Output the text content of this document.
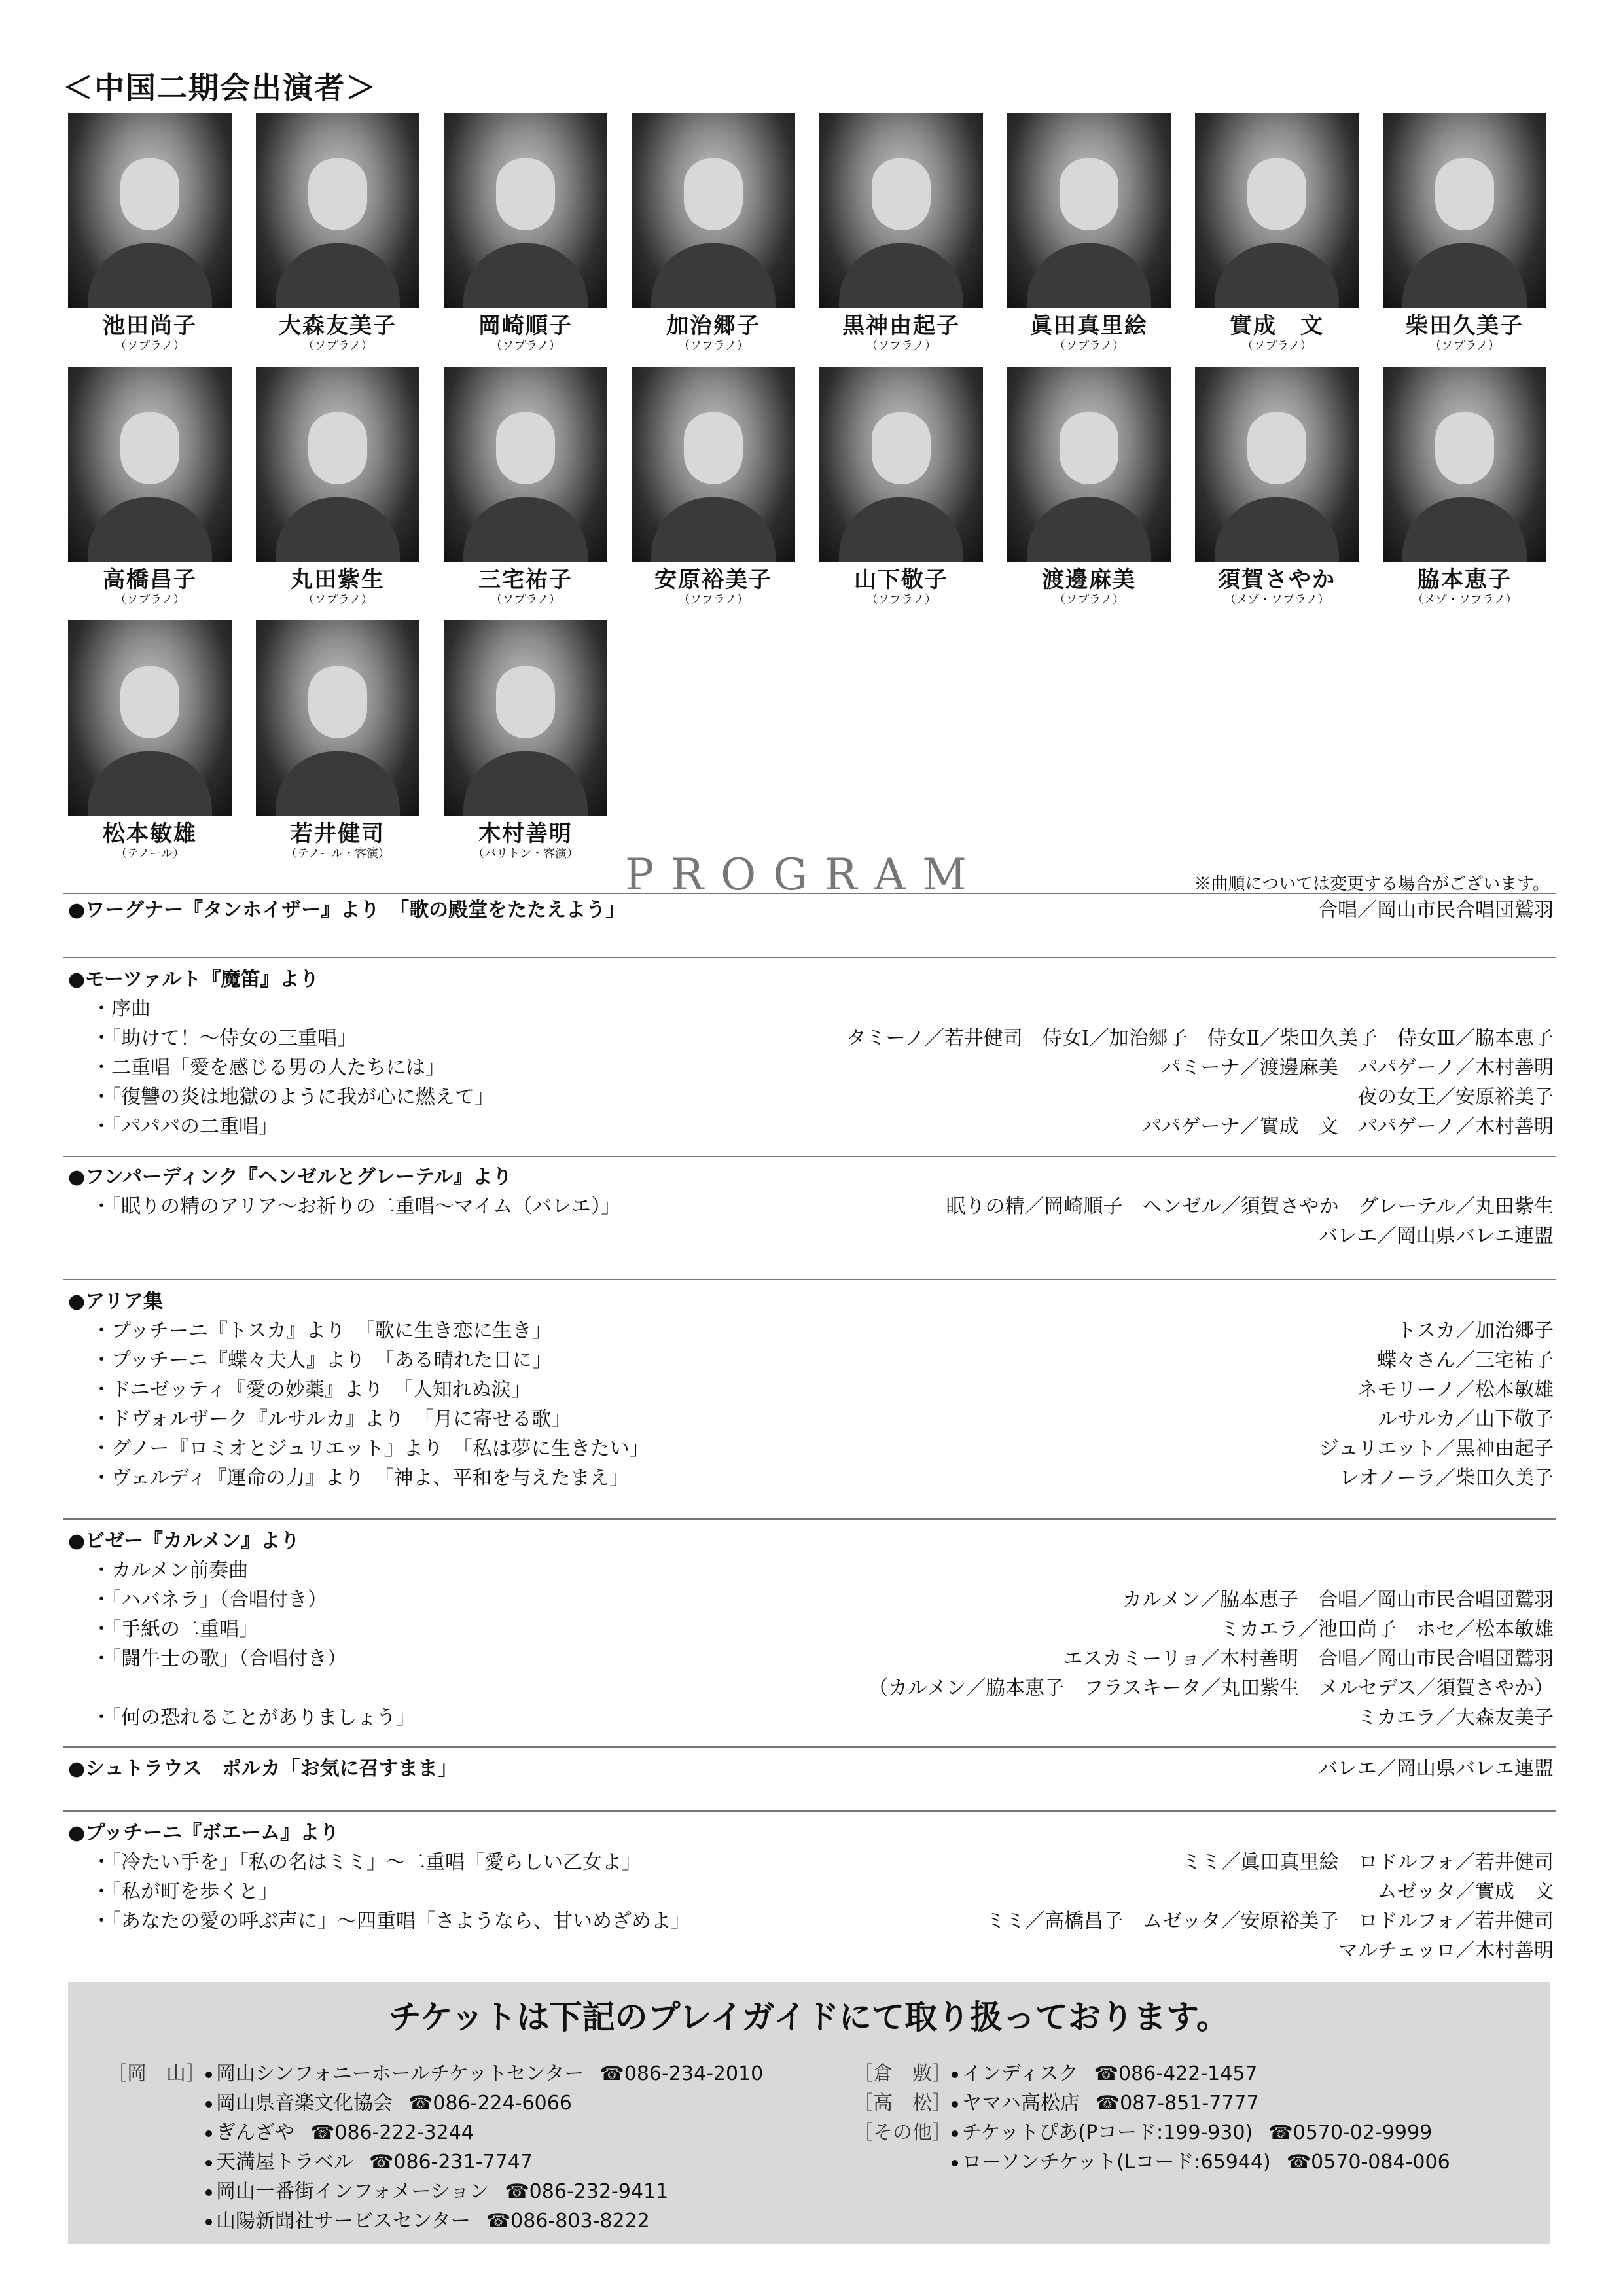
＜中国二期会出演者＞
池田尚子
（ソプラノ）
大森友美子
（ソプラノ）
岡崎順子
（ソプラノ）
加治郷子
（ソプラノ）
黒神由起子
（ソプラノ）
眞田真里絵
（ソプラノ）
實成　文
（ソプラノ）
柴田久美子
（ソプラノ）
高橋昌子
（ソプラノ）
丸田紫生
（ソプラノ）
三宅祐子
（ソプラノ）
安原裕美子
（ソプラノ）
山下敬子
（ソプラノ）
渡邊麻美
（ソプラノ）
須賀さやか
（メゾ・ソプラノ）
脇本恵子
（メゾ・ソプラノ）
松本敏雄
（テノール）
若井健司
（テノール・客演）
木村善明
（バリトン・客演）	PROGRAM	※曲順については変更する場合がございます。
●ワーグナー『タンホイザー』より　「歌の殿堂をたたえよう」	合唱／岡山市民合唱団鷲羽
●モーツァルト『魔笛』より
・序曲
・「助けて！～侍女の三重唱」	タミーノ／若井健司　侍女Ⅰ／加治郷子　侍女Ⅱ／柴田久美子　侍女Ⅲ／脇本恵子
・二重唱「愛を感じる男の人たちには」	パミーナ／渡邊麻美　パパゲーノ／木村善明
・「復讐の炎は地獄のように我が心に燃えて」	夜の女王／安原裕美子
・「パパパの二重唱」	パパゲーナ／實成　文　パパゲーノ／木村善明
●フンパーディンク『ヘンゼルとグレーテル』より
・「眠りの精のアリア～お祈りの二重唱～マイム（バレエ）」	眠りの精／岡崎順子　ヘンゼル／須賀さやか　グレーテル／丸田紫生
バレエ／岡山県バレエ連盟
●アリア集
・プッチーニ『トスカ』より　「歌に生き恋に生き」	トスカ／加治郷子
・プッチーニ『蝶々夫人』より　「ある晴れた日に」	蝶々さん／三宅祐子
・ドニゼッティ『愛の妙薬』より　「人知れぬ涙」	ネモリーノ／松本敏雄
・ドヴォルザーク『ルサルカ』より　「月に寄せる歌」	ルサルカ／山下敬子
・グノー『ロミオとジュリエット』より　「私は夢に生きたい」	ジュリエット／黒神由起子
・ヴェルディ『運命の力』より　「神よ、平和を与えたまえ」	レオノーラ／柴田久美子
●ビゼー『カルメン』より
・カルメン前奏曲
・「ハバネラ」（合唱付き）	カルメン／脇本恵子　合唱／岡山市民合唱団鷲羽
・「手紙の二重唱」	ミカエラ／池田尚子　ホセ／松本敏雄
・「闘牛士の歌」（合唱付き）	エスカミーリョ／木村善明　合唱／岡山市民合唱団鷲羽
（カルメン／脇本恵子　フラスキータ／丸田紫生　メルセデス／須賀さやか）
・「何の恐れることがありましょう」	ミカエラ／大森友美子
●シュトラウス　ポルカ「お気に召すまま」	バレエ／岡山県バレエ連盟
●プッチーニ『ボエーム』より
・「冷たい手を」「私の名はミミ」～二重唱「愛らしい乙女よ」	ミミ／眞田真里絵　ロドルフォ／若井健司
・「私が町を歩くと」	ムゼッタ／實成　文
・「あなたの愛の呼ぶ声に」～四重唱「さようなら、甘いめざめよ」	ミミ／高橋昌子　ムゼッタ／安原裕美子　ロドルフォ／若井健司
マルチェッロ／木村善明
チケットは下記のプレイガイドにて取り扱っております。
［岡　山］ 岡山シンフォニーホールチケットセンター ☎086-234-2010
岡山県音楽文化協会 ☎086-224-6066
ぎんざや ☎086-222-3244
天満屋トラベル ☎086-231-7747
岡山一番街インフォメーション ☎086-232-9411
山陽新聞社サービスセンター ☎086-803-8222
［倉　敷］ インディスク ☎086-422-1457
［高　松］ ヤマハ高松店 ☎087-851-7777
［その他］ チケットぴあ(Pコード:199-930) ☎0570-02-9999
ローソンチケット(Lコード:65944) ☎0570-084-006
